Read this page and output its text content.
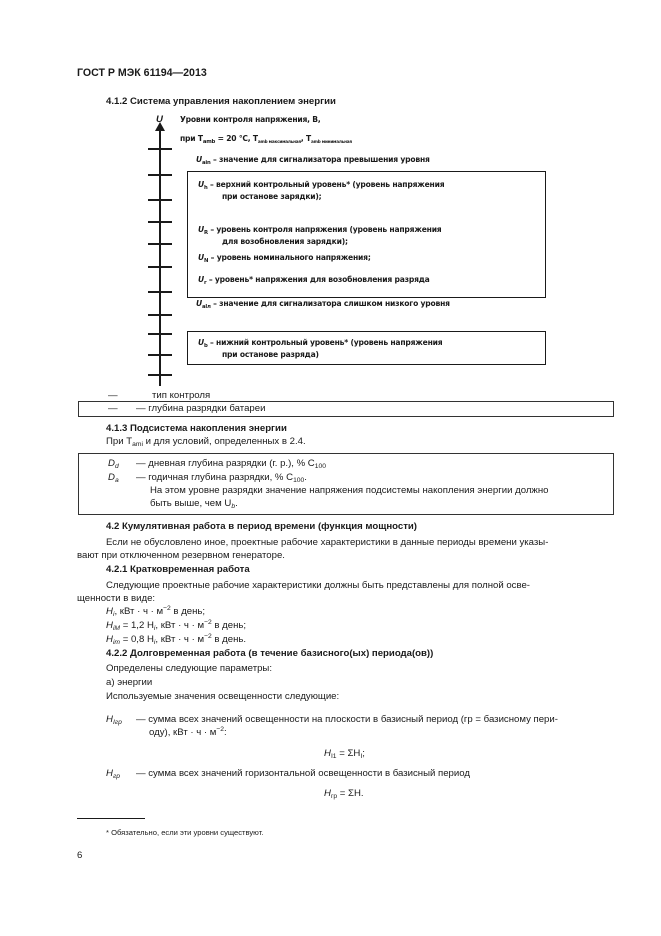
ГОСТ Р МЭК 61194—2013
4.1.2 Система управления накоплением энергии
U Уровни контроля напряжения, В,
при $T_{amb} = 20$ °С, $T_{amb максимальная}$, $T_{amb минимальная}$
$U_{ain}$ – значение для сигнализатора превышения уровня
$U_h$ – верхний контрольный уровень* (уровень напряжения
при останове зарядки);
$U_R$ – уровень контроля напряжения (уровень напряжения
для возобновления зарядки);
$U_N$ – уровень номинального напряжения;
$U_r$ – уровень* напряжения для возобновления разряда
$U_{alл}$ – значение для сигнализатора слишком низкого уровня
$U_b$ – нижний контрольный уровень* (уровень напряжения
при останове разряда)
—	тип контроля
— — глубина разрядки батареи
4.1.3 Подсистема накопления энергии
При $T_{ami}$ и для условий, определенных в 2.4.
$D_d$ — дневная глубина разрядки (г. р.), % $C_{100}$
$D_a$ — годичная глубина разрядки, % $C_{100}$.
На этом уровне разрядки значение напряжения подсистемы накопления энергии должно
быть выше, чем $U_b$.
4.2 Кумулятивная работа в период времени (функция мощности)
Если не обусловлено иное, проектные рабочие характеристики в данные периоды времени указы-
вают при отключенном резервном генераторе.
4.2.1 Кратковременная работа
Следующие проектные рабочие характеристики должны быть представлены для полной осве-
щенности в виде:
$H_i$, кВт · $ч \cdot м^{-2}$ в день;
$H_{iM} = 1,2$ $H_i$, кВт · $ч \cdot м^{-2}$ в день;
$H_{im} = 0,8$ $H_i$, кВт · $ч \cdot м^{-2}$ в день.
4.2.2 Долговременная работа (в течение базисного(ых) периода(ов))
Определены следующие параметры:
а) энергии
Используемые значения освещенности следующие:
$H_{Iгр}$ — сумма всех значений освещенности на плоскости в базисный период (гр = базисному пери-
оду), кВт · $ч \cdot м^{-2}$:
$H_{I1} = \Sigma H_I$;
$H_{гр}$ — сумма всех значений горизонтальной освещенности в базисный период
$H_{гр} = \Sigma H$.
* Обязательно, если эти уровни существуют.
6
